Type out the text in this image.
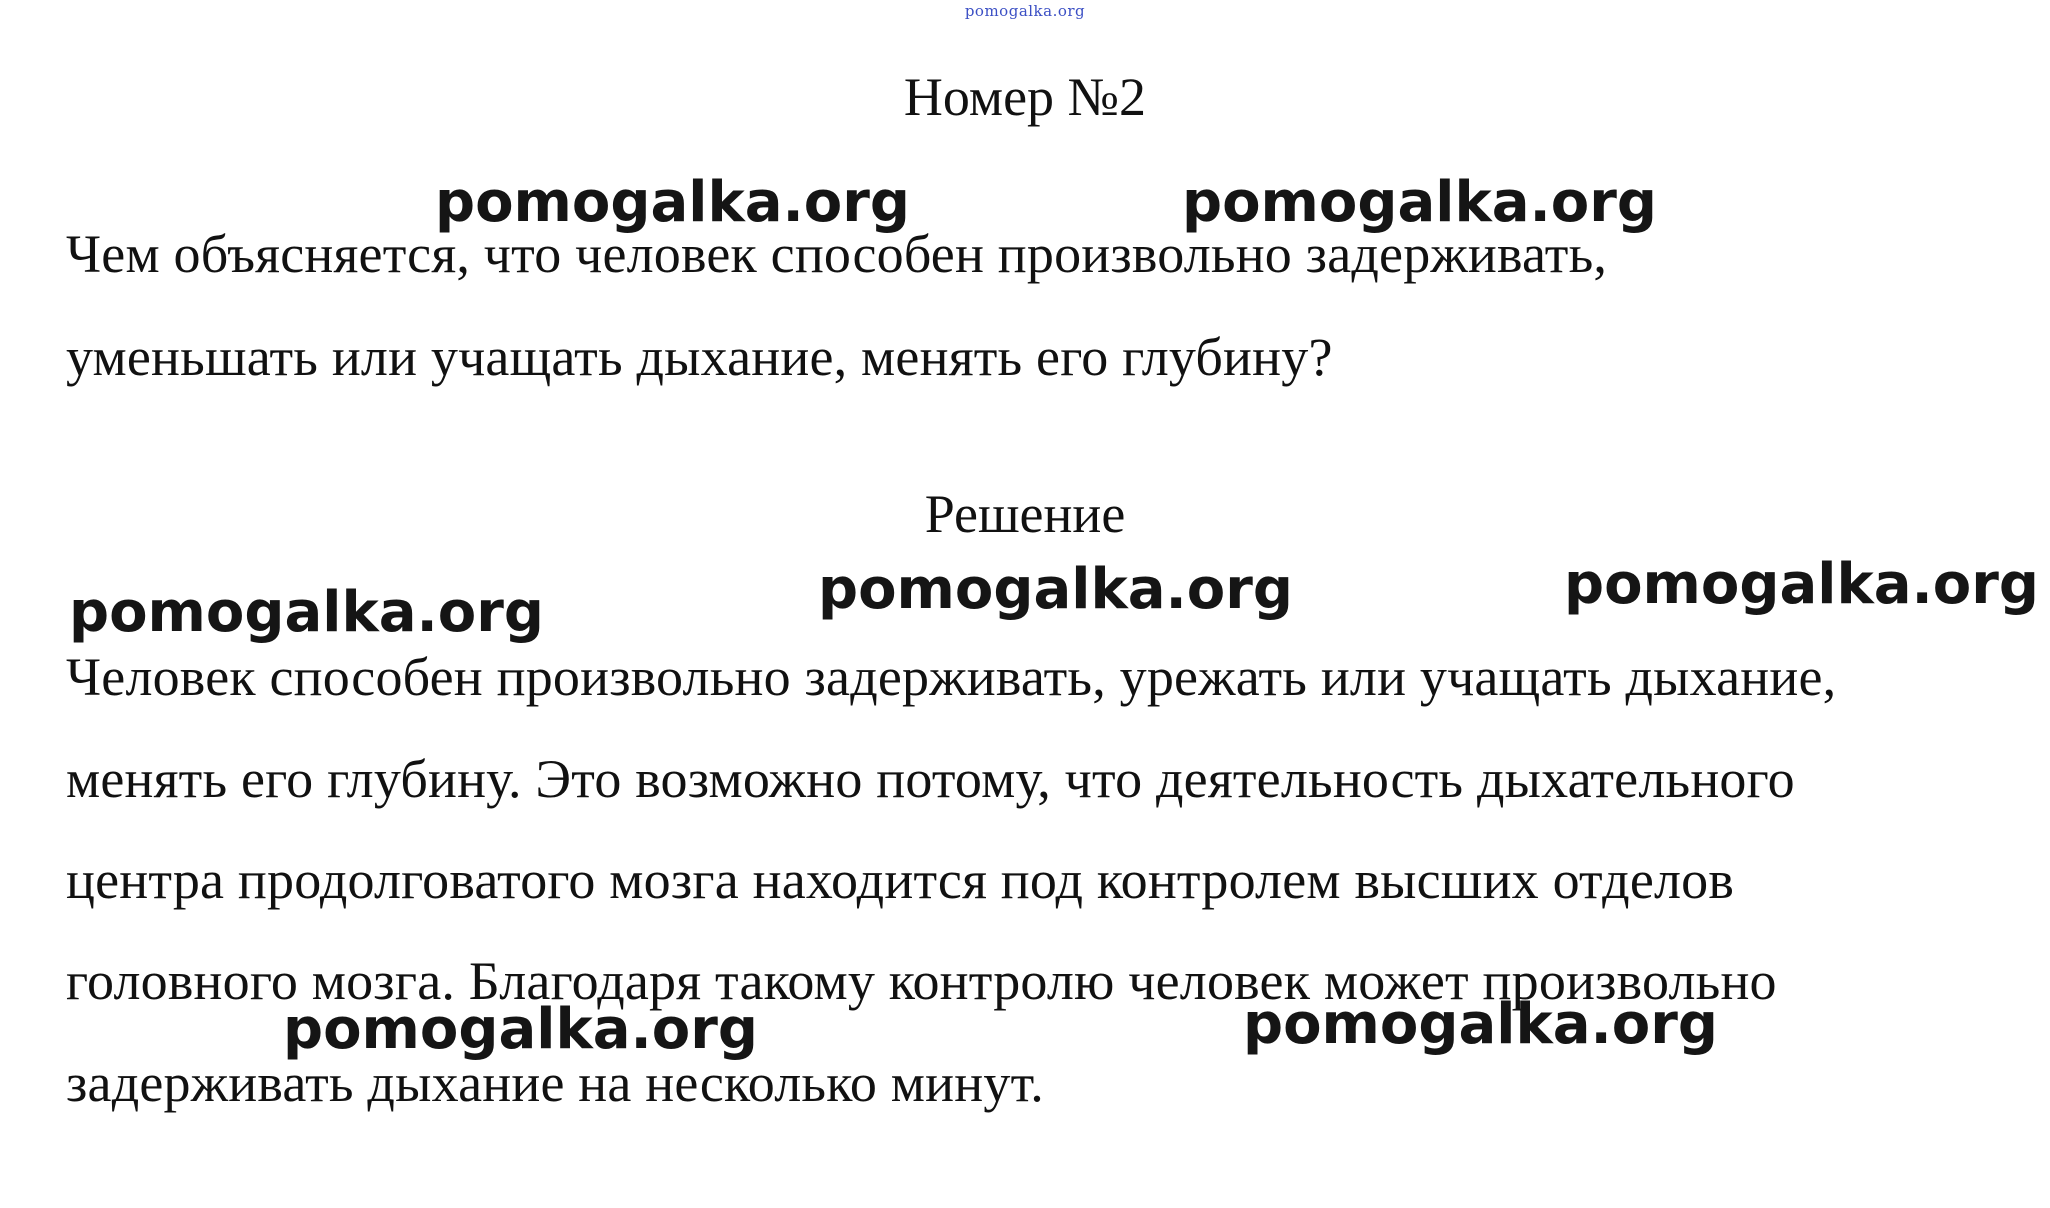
pomogalka.org
Номер №2
Чем объясняется, что человек способен произвольно задерживать,
уменьшать или учащать дыхание, менять его глубину?
Решение
Человек способен произвольно задерживать, урежать или учащать дыхание,
менять его глубину. Это возможно потому, что деятельность дыхательного
центра продолговатого мозга находится под контролем высших отделов
головного мозга. Благодаря такому контролю человек может произвольно
задерживать дыхание на несколько минут.
pomogalka.org	pomogalka.org
pomogalka.org	pomogalka.org	pomogalka.org
pomogalka.org	pomogalka.org
